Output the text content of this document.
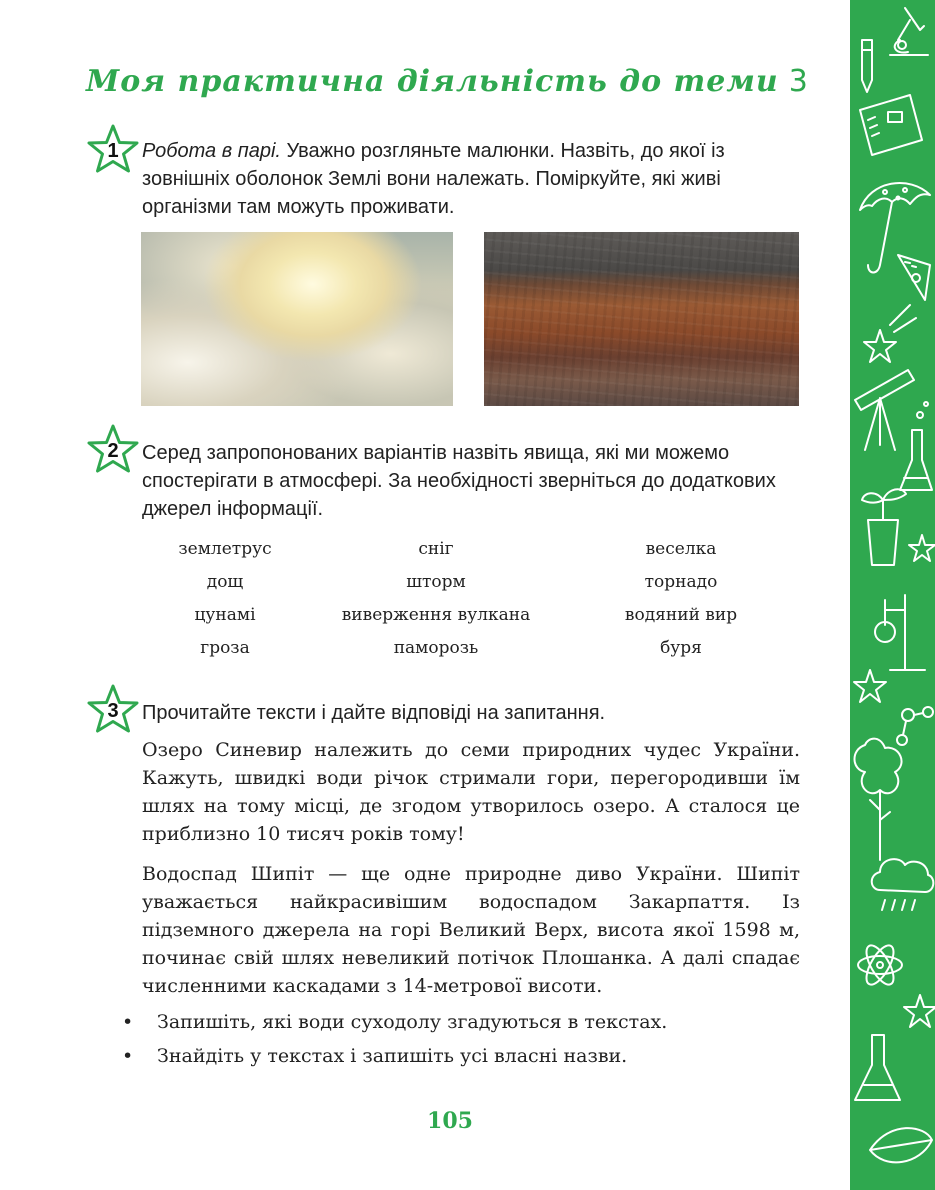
Моя практична діяльність до теми 3
1	Робота в парі. Уважно розгляньте малюнки. Назвіть, до якої із зовнішніх оболонок Землі вони належать. Поміркуйте, які живі організми там можуть проживати.
2	Серед запропонованих варіантів назвіть явища, які ми можемо спостерігати в атмосфері. За необхідності зверніться до додаткових джерел інформації.
землетрус	сніг	веселка
дощ	шторм	торнадо
цунамі	виверження вулкана	водяний вир
гроза	паморозь	буря
3	Прочитайте тексти і дайте відповіді на запитання.
Озеро Синевир належить до семи природних чудес України. Кажуть, швидкі води річок стримали гори, перегородивши їм шлях на тому місці, де згодом утворилось озеро. А сталося це приблизно 10 тисяч років тому!
Водоспад Шипіт — ще одне природне диво України. Шипіт уважається найкрасивішим водоспадом Закарпаття. Із підземного джерела на горі Великий Верх, висота якої 1598 м, починає свій шлях невеликий потічок Плошанка. А далі спадає численними каскадами з 14-метрової висоти.
• Запишіть, які води суходолу згадуються в текстах.
• Знайдіть у текстах і запишіть усі власні назви.
105
